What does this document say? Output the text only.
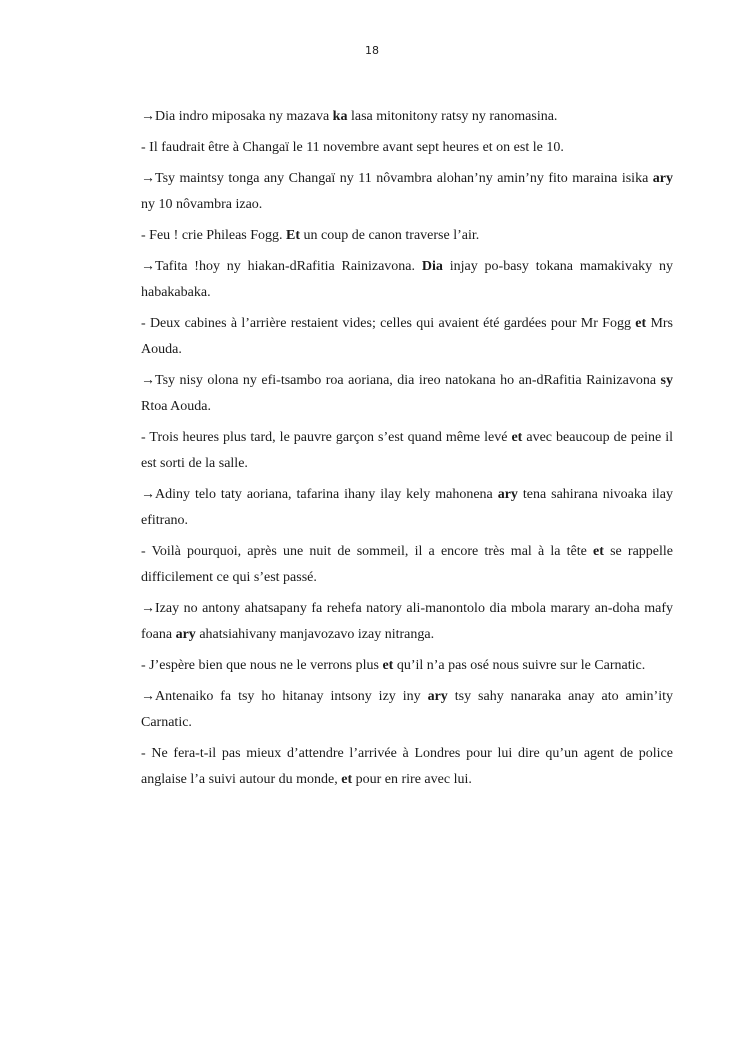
18

→Dia indro miposaka ny mazava ka lasa mitonitony ratsy ny ranomasina.

- Il faudrait être à Changaï le 11 novembre avant sept heures et on est le 10.

→Tsy maintsy tonga any Changaï ny 11 nôvambra alohan’ny amin’ny fito maraina isika ary ny 10 nôvambra izao.

- Feu ! crie Phileas Fogg. Et un coup de canon traverse l’air.

→Tafita !hoy ny hiakan-dRafitia Rainizavona. Dia injay po-basy tokana mamakivaky ny habakabaka.

- Deux cabines à l’arrière restaient vides; celles qui avaient été gardées pour Mr Fogg et Mrs Aouda.

→Tsy nisy olona ny efi-tsambo roa aoriana, dia ireo natokana ho an-dRafitia Rainizavona sy Rtoa Aouda.

- Trois heures plus tard, le pauvre garçon s’est quand même levé et avec beaucoup de peine il est sorti de la salle.

→Adiny telo taty aoriana, tafarina ihany ilay kely mahonena ary tena sahirana nivoaka ilay efitrano.

- Voilà pourquoi, après une nuit de sommeil, il a encore très mal à la tête et se rappelle difficilement ce qui s’est passé.

→Izay no antony ahatsapany fa rehefa natory ali-manontolo dia mbola marary an-doha mafy foana ary ahatsiahivany manjavozavo izay nitranga.

- J’espère bien que nous ne le verrons plus et qu’il n’a pas osé nous suivre sur le Carnatic.

→Antenaiko fa tsy ho hitanay intsony izy iny ary tsy sahy nanaraka anay ato amin’ity Carnatic.

- Ne fera-t-il pas mieux d’attendre l’arrivée à Londres pour lui dire qu’un agent de police anglaise l’a suivi autour du monde, et pour en rire avec lui.
